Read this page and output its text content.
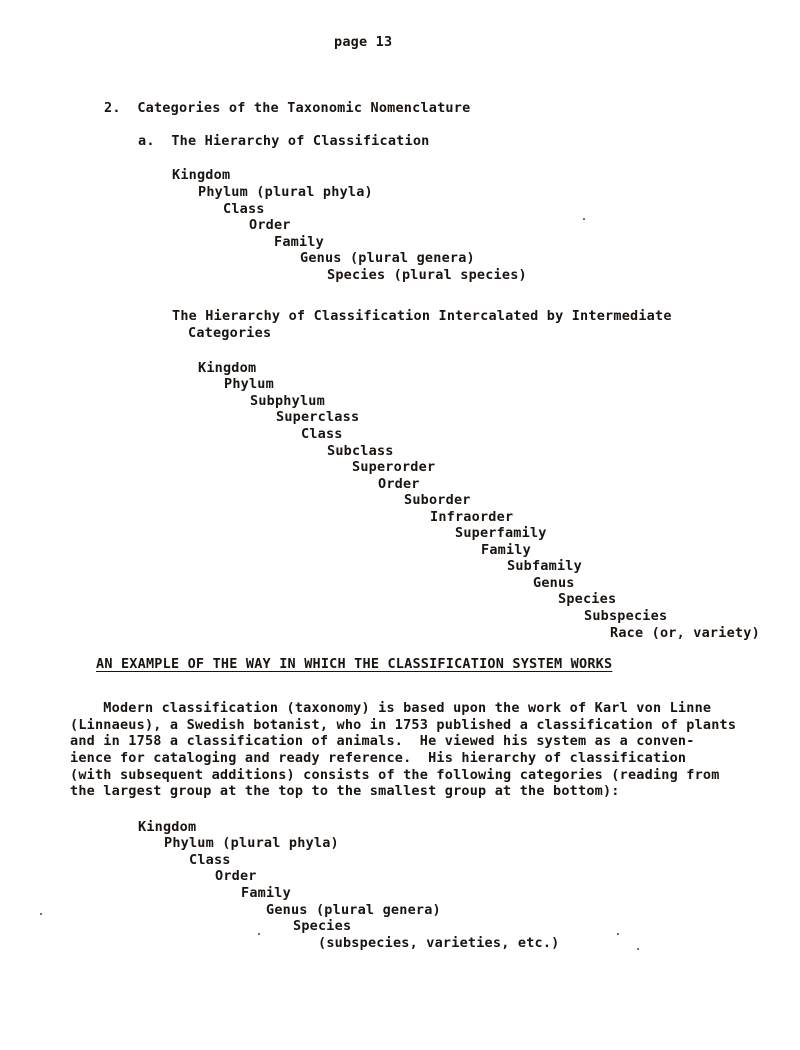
page 13
2. Categories of the Taxonomic Nomenclature
a. The Hierarchy of Classification
Kingdom
Phylum (plural phyla)
Class
Order
Family
Genus (plural genera)
Species (plural species)
The Hierarchy of Classification Intercalated by Intermediate
Categories
Kingdom
Phylum
Subphylum
Superclass
Class
Subclass
Superorder
Order
Suborder
Infraorder
Superfamily
Family
Subfamily
Genus
Species
Subspecies
Race (or, variety)
AN EXAMPLE OF THE WAY IN WHICH THE CLASSIFICATION SYSTEM WORKS
Modern classification (taxonomy) is based upon the work of Karl von Linne
(Linnaeus), a Swedish botanist, who in 1753 published a classification of plants
and in 1758 a classification of animals.  He viewed his system as a conven-
ience for cataloging and ready reference.  His hierarchy of classification
(with subsequent additions) consists of the following categories (reading from
the largest group at the top to the smallest group at the bottom):
Kingdom
Phylum (plural phyla)
Class
Order
Family
Genus (plural genera)
Species
(subspecies, varieties, etc.)
